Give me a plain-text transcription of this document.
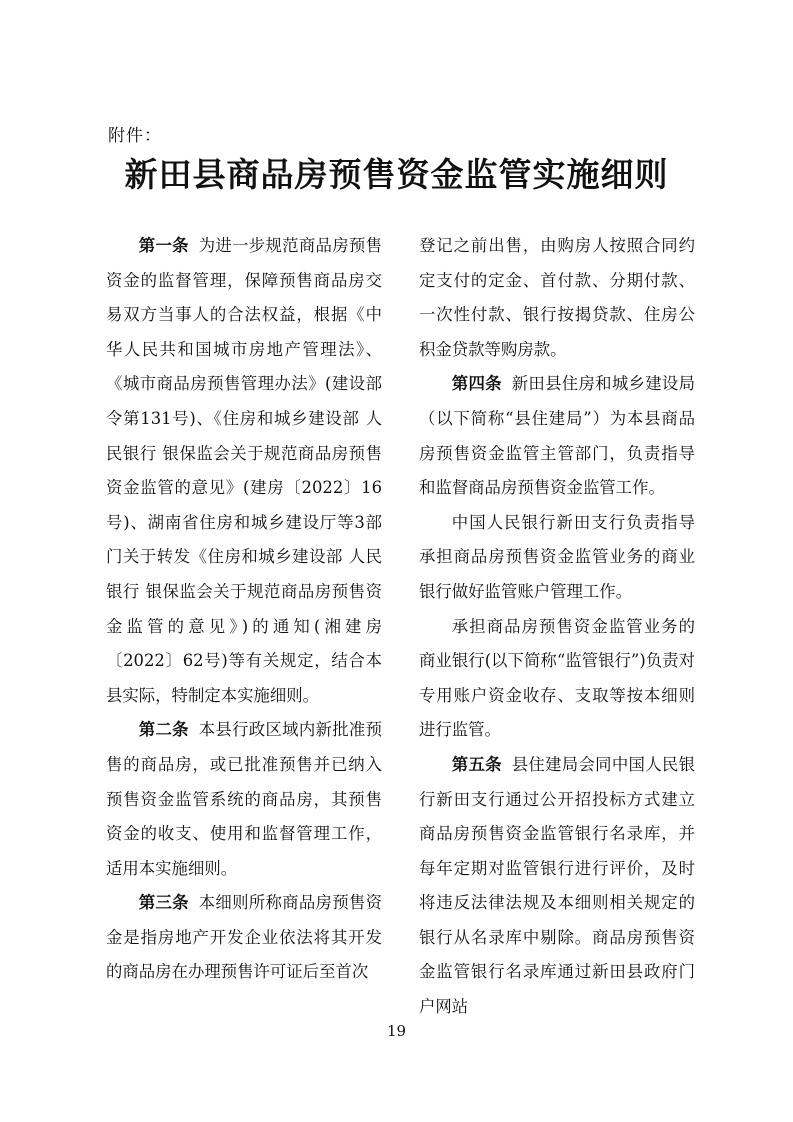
附件：
新田县商品房预售资金监管实施细则

第一条 为进一步规范商品房预售资金的监督管理，保障预售商品房交易双方当事人的合法权益，根据《中华人民共和国城市房地产管理法》、《城市商品房预售管理办法》(建设部令第131号)、《住房和城乡建设部 人民银行 银保监会关于规范商品房预售资金监管的意见》(建房〔2022〕16号)、湖南省住房和城乡建设厅等3部门关于转发《住房和城乡建设部 人民银行 银保监会关于规范商品房预售资金监管的意见》)的通知(湘建房〔2022〕62号)等有关规定，结合本县实际，特制定本实施细则。

第二条 本县行政区域内新批准预售的商品房，或已批准预售并已纳入预售资金监管系统的商品房，其预售资金的收支、使用和监督管理工作，适用本实施细则。

第三条 本细则所称商品房预售资金是指房地产开发企业依法将其开发的商品房在办理预售许可证后至首次

登记之前出售，由购房人按照合同约定支付的定金、首付款、分期付款、一次性付款、银行按揭贷款、住房公积金贷款等购房款。

第四条 新田县住房和城乡建设局（以下简称“县住建局”）为本县商品房预售资金监管主管部门，负责指导和监督商品房预售资金监管工作。

中国人民银行新田支行负责指导承担商品房预售资金监管业务的商业银行做好监管账户管理工作。

承担商品房预售资金监管业务的商业银行(以下简称“监管银行”)负责对专用账户资金收存、支取等按本细则进行监管。

第五条 县住建局会同中国人民银行新田支行通过公开招投标方式建立商品房预售资金监管银行名录库，并每年定期对监管银行进行评价，及时将违反法律法规及本细则相关规定的银行从名录库中剔除。商品房预售资金监管银行名录库通过新田县政府门户网站

19
